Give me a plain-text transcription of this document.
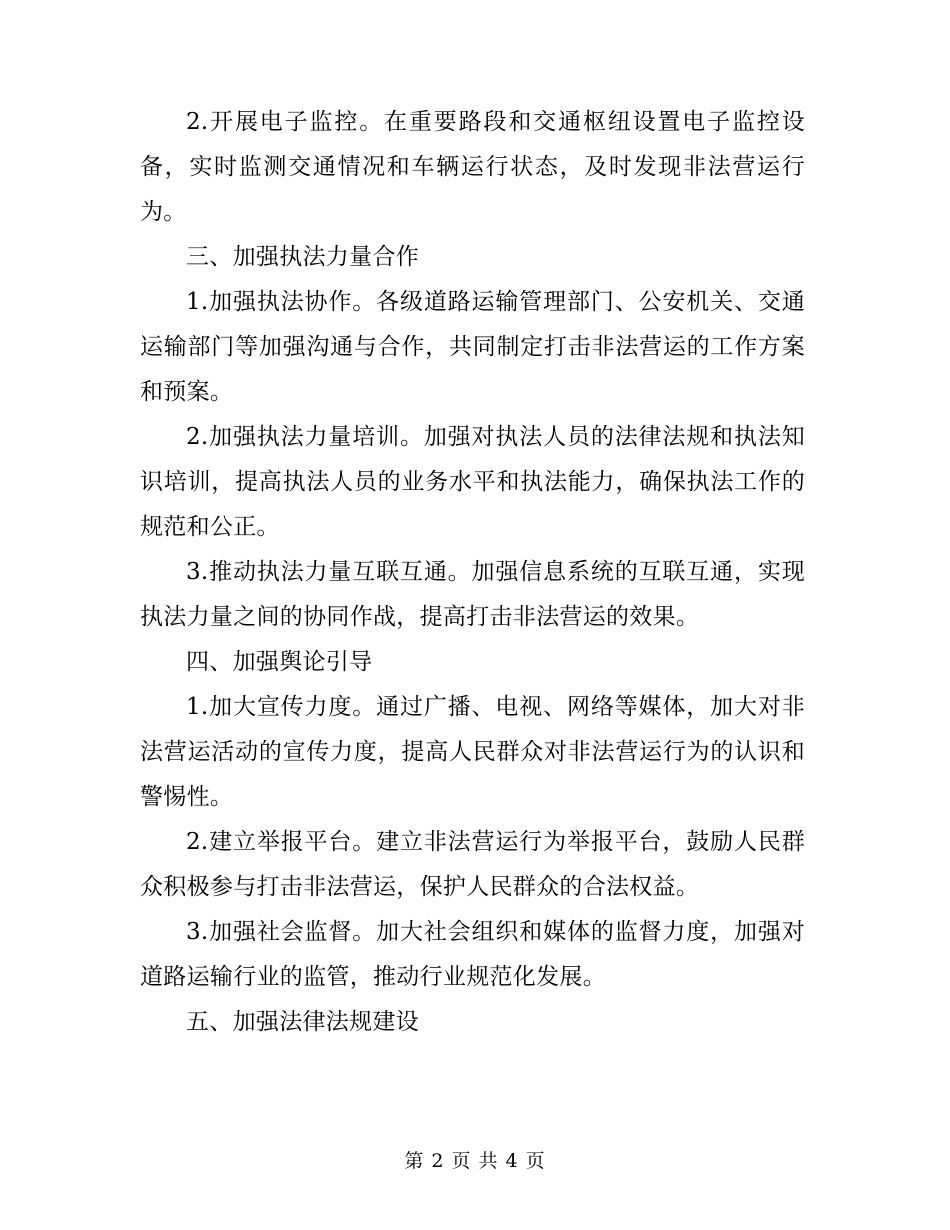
2.开展电子监控。在重要路段和交通枢纽设置电子监控设备，实时监测交通情况和车辆运行状态，及时发现非法营运行为。

三、加强执法力量合作

1.加强执法协作。各级道路运输管理部门、公安机关、交通运输部门等加强沟通与合作，共同制定打击非法营运的工作方案和预案。

2.加强执法力量培训。加强对执法人员的法律法规和执法知识培训，提高执法人员的业务水平和执法能力，确保执法工作的规范和公正。

3.推动执法力量互联互通。加强信息系统的互联互通，实现执法力量之间的协同作战，提高打击非法营运的效果。

四、加强舆论引导

1.加大宣传力度。通过广播、电视、网络等媒体，加大对非法营运活动的宣传力度，提高人民群众对非法营运行为的认识和警惕性。

2.建立举报平台。建立非法营运行为举报平台，鼓励人民群众积极参与打击非法营运，保护人民群众的合法权益。

3.加强社会监督。加大社会组织和媒体的监督力度，加强对道路运输行业的监管，推动行业规范化发展。

五、加强法律法规建设

第 2 页 共 4 页
